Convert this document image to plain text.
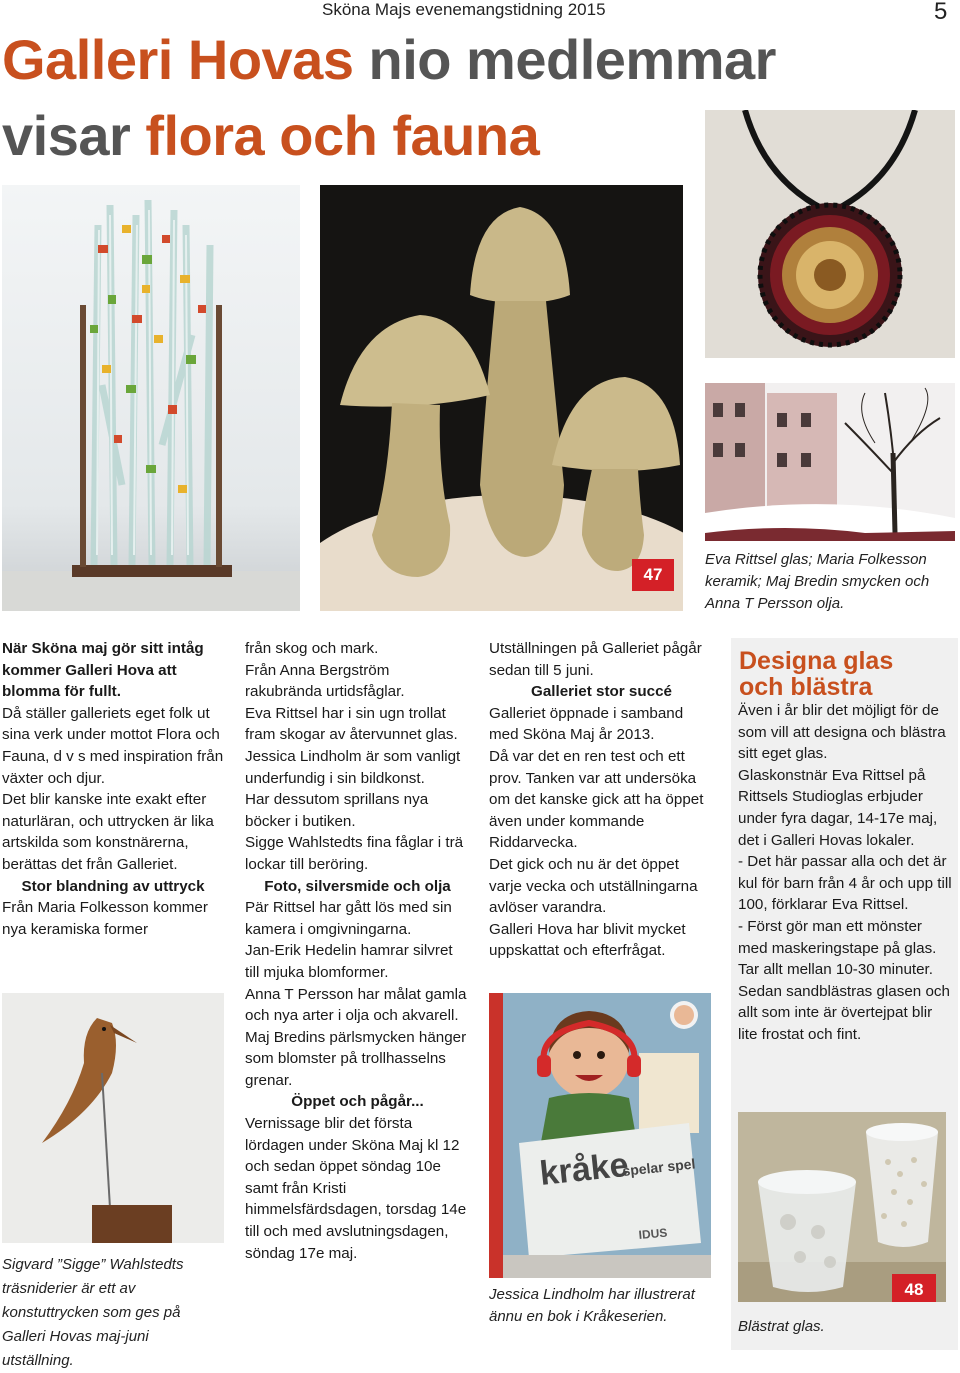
Sköna Majs evenemangstidning 2015	5
Galleri Hovas nio medlemmar
visar flora och fauna
47
Eva Rittsel glas; Maria Folkesson keramik; Maj Bredin smycken och Anna T Persson olja.

När Sköna maj gör sitt intåg kommer Galleri Hova att blomma för fullt.

Då ställer galleriets eget folk ut sina verk under mottot Flora och Fauna, d v s med inspiration från växter och djur.

Det blir kanske inte exakt efter naturläran, och uttrycken är lika artskilda som konstnärerna, berättas det från Galleriet.

Stor blandning av uttryck

Från Maria Folkesson kommer nya keramiska former

Sigvard ”Sigge” Wahlstedts träsniderier är ett av konstuttrycken som ges på Galleri Hovas maj-juni utställning.

från skog och mark.

Från Anna Bergström rakubrända urtidsfåglar.

Eva Rittsel har i sin ugn trollat fram skogar av återvunnet glas.

Jessica Lindholm är som vanligt underfundig i sin bildkonst.

Har dessutom sprillans nya böcker i butiken.

Sigge Wahlstedts fina fåglar i trä lockar till beröring.

Foto, silversmide och olja

Pär Rittsel har gått lös med sin kamera i omgivningarna.

Jan-Erik Hedelin hamrar silvret till mjuka blomformer.

Anna T Persson har målat gamla och nya arter i olja och akvarell.

Maj Bredins pärlsmycken hänger som blomster på trollhasselns grenar.

Öppet och pågår...

Vernissage blir det första lördagen under Sköna Maj kl 12 och sedan öppet söndag 10e samt från Kristi himmelsfärdsdagen, torsdag 14e till och med avslutningsdagen, söndag 17e maj.

Utställningen på Galleriet pågår sedan till 5 juni.

Galleriet stor succé

Galleriet öppnade i samband med Sköna Maj år 2013.

Då var det en ren test och ett prov. Tanken var att undersöka om det kanske gick att ha öppet även under kommande Riddarvecka.

Det gick och nu är det öppet varje vecka och utställningarna avlöser varandra.

Galleri Hova har blivit mycket uppskattat och efterfrågat.

kråke
spelar spel
IDUS
Jessica Lindholm har illustrerat ännu en bok i Kråkeserien.
Designa glas
och blästra

Även i år blir det möjligt för de som vill att designa och blästra sitt eget glas.

Glaskonstnär Eva Rittsel på Rittsels Studioglas erbjuder under fyra dagar, 14-17e maj, det i Galleri Hovas lokaler.

- Det här passar alla och det är kul för barn från 4 år och upp till 100, förklarar Eva Rittsel.

- Först gör man ett mönster med maskeringstape på glas. Tar allt mellan 10-30 minuter. Sedan sandblästras glasen och allt som inte är övertejpat blir lite frostat och fint.

48
Blästrat glas.
